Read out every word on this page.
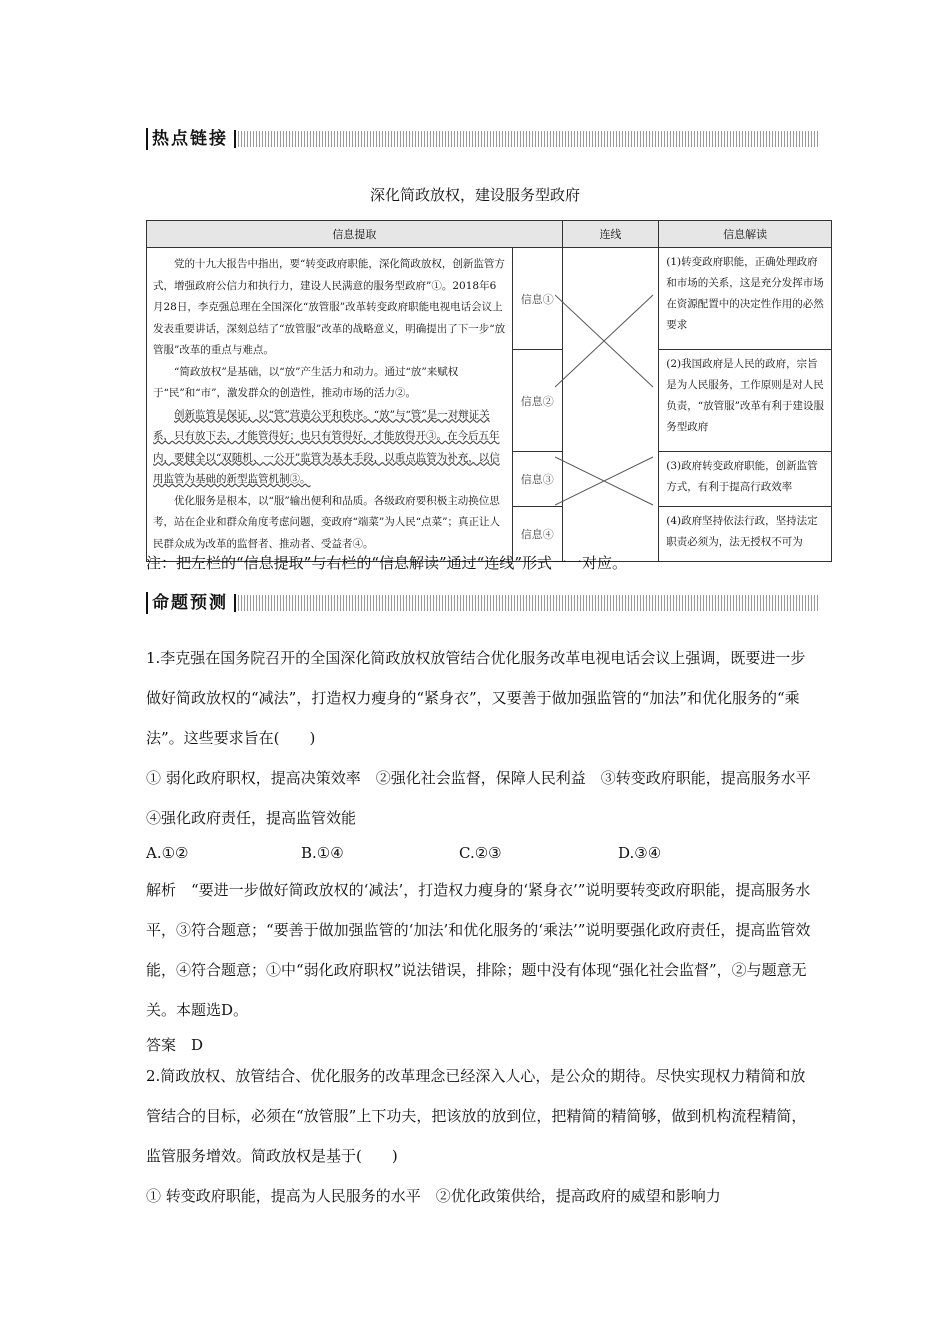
热点链接
深化简政放权，建设服务型政府
信息提取		连线	信息解读

党的十九大报告中指出，要“转变政府职能，深化简政放权，创新监管方式，增强政府公信力和执行力，建设人民满意的服务型政府”①。2018年6月28日，李克强总理在全国深化“放管服”改革转变政府职能电视电话会议上发表重要讲话，深刻总结了“放管服”改革的战略意义，明确提出了下一步“放管服”改革的重点与难点。

“简政放权”是基础，以“放”产生活力和动力。通过“放”来赋权于“民”和“市”，激发群众的创造性，推动市场的活力②。

创新监管是保证，以“管”营造公平和秩序。“放”与“管”是一对辩证关系，只有放下去，才能管得好；也只有管得好，才能放得开③。在今后五年内，要健全以“双随机、一公开”监管为基本手段，以重点监管为补充，以信用监管为基础的新型监管机制③。

优化服务是根本，以“服”输出便利和品质。各级政府要积极主动换位思考，站在企业和群众角度考虑问题，变政府“端菜”为人民“点菜”；真正让人民群众成为改革的监督者、推动者、受益者④。	信息①		(1)转变政府职能，正确处理政府和市场的关系，这是充分发挥市场在资源配置中的决定性作用的必然要求
	信息②		(2)我国政府是人民的政府，宗旨是为人民服务，工作原则是对人民负责，“放管服”改革有利于建设服务型政府
	信息③		(3)政府转变政府职能，创新监管方式，有利于提高行政效率
	信息④		(4)政府坚持依法行政，坚持法定职责必须为，法无授权不可为
注：把左栏的“信息提取”与右栏的“信息解读”通过“连线”形式一一对应。
命题预测
1.李克强在国务院召开的全国深化简政放权放管结合优化服务改革电视电话会议上强调，既要进一步做好简政放权的“减法”，打造权力瘦身的“紧身衣”，又要善于做加强监管的“加法”和优化服务的“乘法”。这些要求旨在(　　)
① 弱化政府职权，提高决策效率　②强化社会监督，保障人民利益　③转变政府职能，提高服务水平　④强化政府责任，提高监管效能
A.①②	B.①④	C.②③	D.③④
解析　“要进一步做好简政放权的‘减法’，打造权力瘦身的‘紧身衣’”说明要转变政府职能，提高服务水平，③符合题意；“要善于做加强监管的‘加法’和优化服务的‘乘法’”说明要强化政府责任，提高监管效能，④符合题意；①中“弱化政府职权”说法错误，排除；题中没有体现“强化社会监督”，②与题意无关。本题选D。
答案　D
2.简政放权、放管结合、优化服务的改革理念已经深入人心，是公众的期待。尽快实现权力精简和放管结合的目标，必须在“放管服”上下功夫，把该放的放到位，把精简的精简够，做到机构流程精简，监管服务增效。简政放权是基于(　　)
① 转变政府职能，提高为人民服务的水平　②优化政策供给，提高政府的威望和影响力
